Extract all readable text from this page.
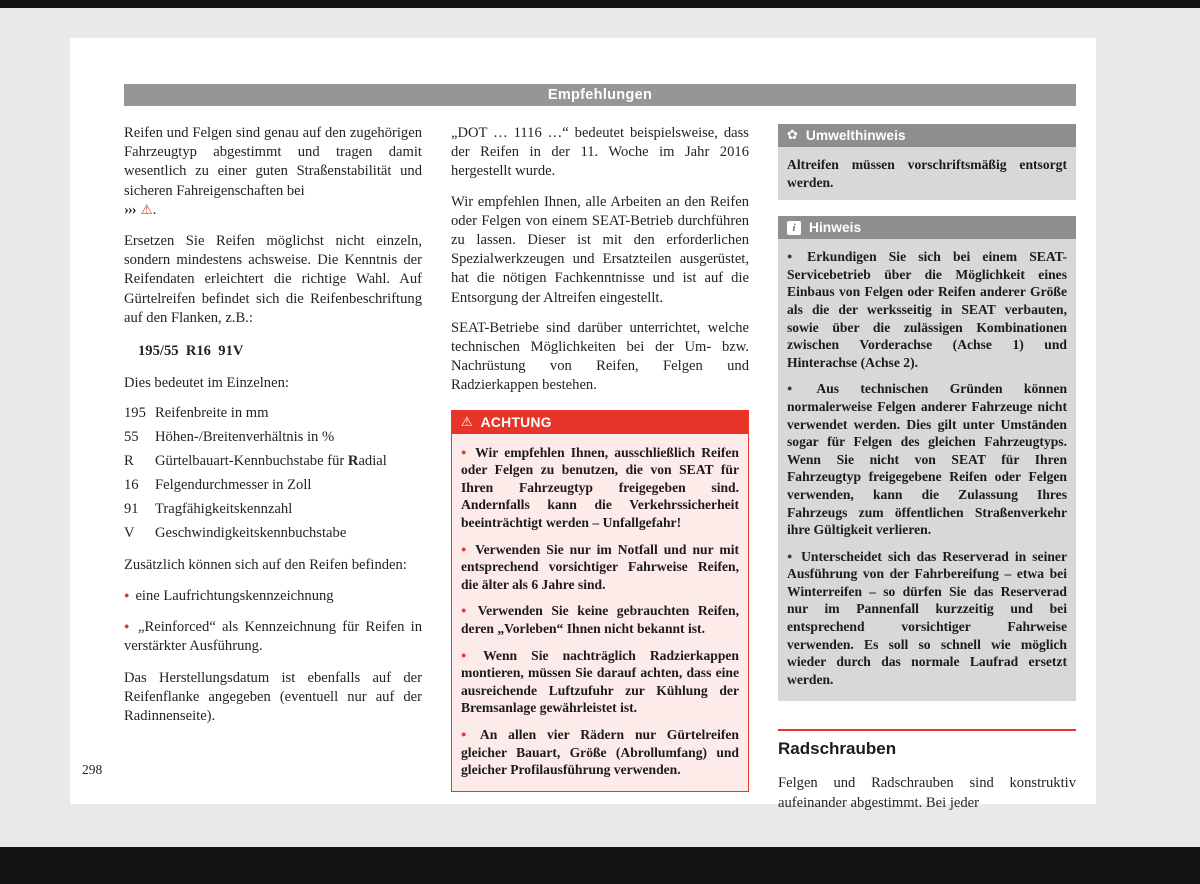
Empfehlungen

Reifen und Felgen sind genau auf den zugehörigen Fahrzeugtyp abgestimmt und tragen damit wesentlich zu einer guten Straßenstabilität und sicheren Fahreigenschaften bei

››› ⚠.

Ersetzen Sie Reifen möglichst nicht einzeln, sondern mindestens achsweise. Die Kenntnis der Reifendaten erleichtert die richtige Wahl. Auf Gürtelreifen befindet sich die Reifenbeschriftung auf den Flanken, z.B.:

195/55  R16  91V

Dies bedeutet im Einzelnen:

195 Reifenbreite in mm
55	Höhen-/Breitenverhältnis in %
R	Gürtelbauart-Kennbuchstabe für Radial
16	Felgendurchmesser in Zoll
91	Tragfähigkeitskennzahl
V	Geschwindigkeitskennbuchstabe

Zusätzlich können sich auf den Reifen befinden:

● eine Laufrichtungskennzeichnung

● „Reinforced“ als Kennzeichnung für Reifen in verstärkter Ausführung.

Das Herstellungsdatum ist ebenfalls auf der Reifenflanke angegeben (eventuell nur auf der Radinnenseite).

„DOT … 1116 …“ bedeutet beispielsweise, dass der Reifen in der 11. Woche im Jahr 2016 hergestellt wurde.

Wir empfehlen Ihnen, alle Arbeiten an den Reifen oder Felgen von einem SEAT-Betrieb durchführen zu lassen. Dieser ist mit den erforderlichen Spezialwerkzeugen und Ersatzteilen ausgerüstet, hat die nötigen Fachkenntnisse und ist auf die Entsorgung der Altreifen eingestellt.

SEAT-Betriebe sind darüber unterrichtet, welche technischen Möglichkeiten bei der Um- bzw. Nachrüstung von Reifen, Felgen und Radzierkappen bestehen.

⚠ ACHTUNG

● Wir empfehlen Ihnen, ausschließlich Reifen oder Felgen zu benutzen, die von SEAT für Ihren Fahrzeugtyp freigegeben sind. Andernfalls kann die Verkehrssicherheit beeinträchtigt werden – Unfallgefahr!

● Verwenden Sie nur im Notfall und nur mit entsprechend vorsichtiger Fahrweise Reifen, die älter als 6 Jahre sind.

● Verwenden Sie keine gebrauchten Reifen, deren „Vorleben“ Ihnen nicht bekannt ist.

● Wenn Sie nachträglich Radzierkappen montieren, müssen Sie darauf achten, dass eine ausreichende Luftzufuhr zur Kühlung der Bremsanlage gewährleistet ist.

● An allen vier Rädern nur Gürtelreifen gleicher Bauart, Größe (Abrollumfang) und gleicher Profilausführung verwenden.

✿ Umwelthinweis

Altreifen müssen vorschriftsmäßig entsorgt werden.

i Hinweis

● Erkundigen Sie sich bei einem SEAT-Servicebetrieb über die Möglichkeit eines Einbaus von Felgen oder Reifen anderer Größe als die der werksseitig in SEAT verbauten, sowie über die zulässigen Kombinationen zwischen Vorderachse (Achse 1) und Hinterachse (Achse 2).

● Aus technischen Gründen können normalerweise Felgen anderer Fahrzeuge nicht verwendet werden. Dies gilt unter Umständen sogar für Felgen des gleichen Fahrzeugtyps. Wenn Sie nicht von SEAT für Ihren Fahrzeugtyp freigegebene Reifen oder Felgen verwenden, kann die Zulassung Ihres Fahrzeugs zum öffentlichen Straßenverkehr ihre Gültigkeit verlieren.

● Unterscheidet sich das Reserverad in seiner Ausführung von der Fahrbereifung – etwa bei Winterreifen – so dürfen Sie das Reserverad nur im Pannenfall kurzzeitig und bei entsprechend vorsichtiger Fahrweise verwenden. Es soll so schnell wie möglich wieder durch das normale Laufrad ersetzt werden.

Radschrauben

Felgen und Radschrauben sind konstruktiv aufeinander abgestimmt. Bei jeder

298
